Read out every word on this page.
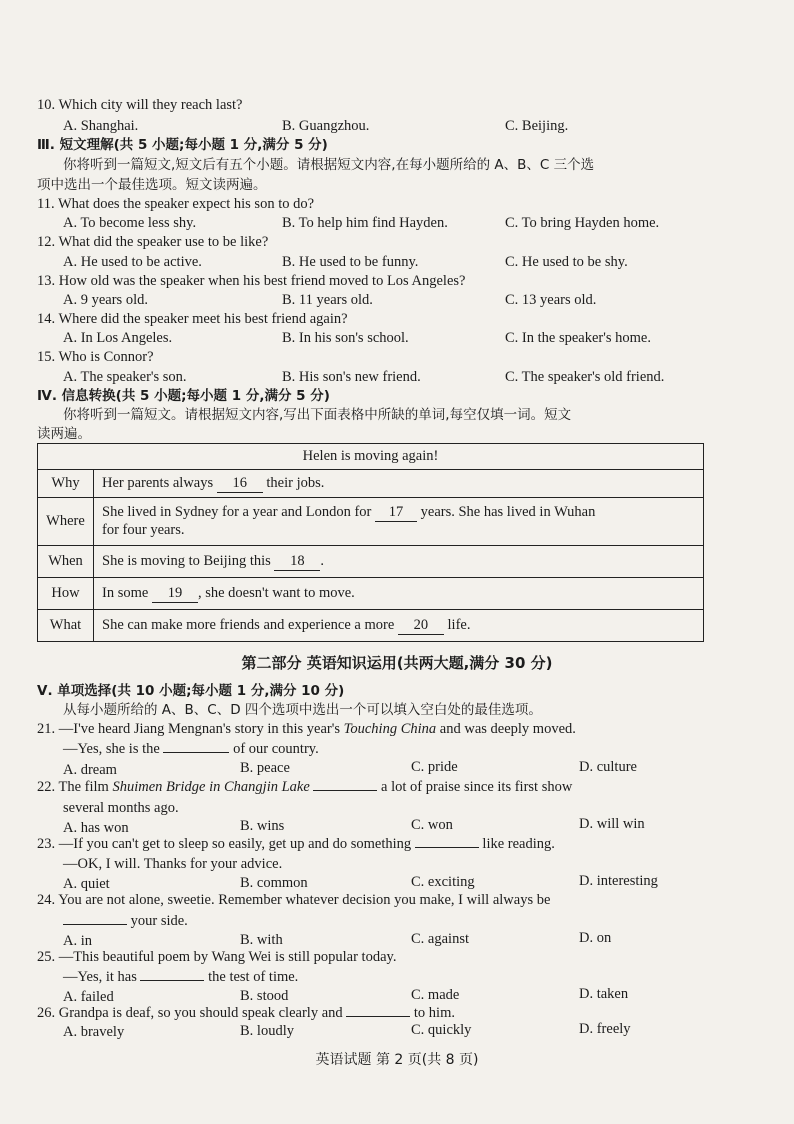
10. Which city will they reach last?
A. Shanghai.	B. Guangzhou.	C. Beijing.
Ⅲ. 短文理解(共 5 小题;每小题 1 分,满分 5 分)
你将听到一篇短文,短文后有五个小题。请根据短文内容,在每小题所给的 A、B、C 三个选
项中选出一个最佳选项。短文读两遍。
11. What does the speaker expect his son to do?
A. To become less shy.	B. To help him find Hayden.	C. To bring Hayden home.
12. What did the speaker use to be like?
A. He used to be active.	B. He used to be funny.	C. He used to be shy.
13. How old was the speaker when his best friend moved to Los Angeles?
A. 9 years old.	B. 11 years old.	C. 13 years old.
14. Where did the speaker meet his best friend again?
A. In Los Angeles.	B. In his son's school.	C. In the speaker's home.
15. Who is Connor?
A. The speaker's son.	B. His son's new friend.	C. The speaker's old friend.
Ⅳ. 信息转换(共 5 小题;每小题 1 分,满分 5 分)
你将听到一篇短文。请根据短文内容,写出下面表格中所缺的单词,每空仅填一词。短文
读两遍。
Helen is moving again!	
Why	Her parents always 16 their jobs.
Where	She lived in Sydney for a year and London for 17 years. She has lived in Wuhan
for four years.
When	She is moving to Beijing this 18 .
How	In some 19 , she doesn't want to move.
What	She can make more friends and experience a more 20 life.
第二部分 英语知识运用(共两大题,满分 30 分)
Ⅴ. 单项选择(共 10 小题;每小题 1 分,满分 10 分)
从每小题所给的 A、B、C、D 四个选项中选出一个可以填入空白处的最佳选项。
21. —I've heard Jiang Mengnan's story in this year's Touching China and was deeply moved.
—Yes, she is the	of our country.
A. dream	B. peace	C. pride	D. culture
22. The film Shuimen Bridge in Changjin Lake	a lot of praise since its first show
several months ago.
A. has won	B. wins	C. won	D. will win
23. —If you can't get to sleep so easily, get up and do something	like reading.
—OK, I will. Thanks for your advice.
A. quiet	B. common	C. exciting	D. interesting
24. You are not alone, sweetie. Remember whatever decision you make, I will always be
your side.
A. in	B. with	C. against	D. on
25. —This beautiful poem by Wang Wei is still popular today.
—Yes, it has	the test of time.
A. failed	B. stood	C. made	D. taken
26. Grandpa is deaf, so you should speak clearly and	to him.
A. bravely	B. loudly	C. quickly	D. freely
英语试题 第 2 页(共 8 页)
